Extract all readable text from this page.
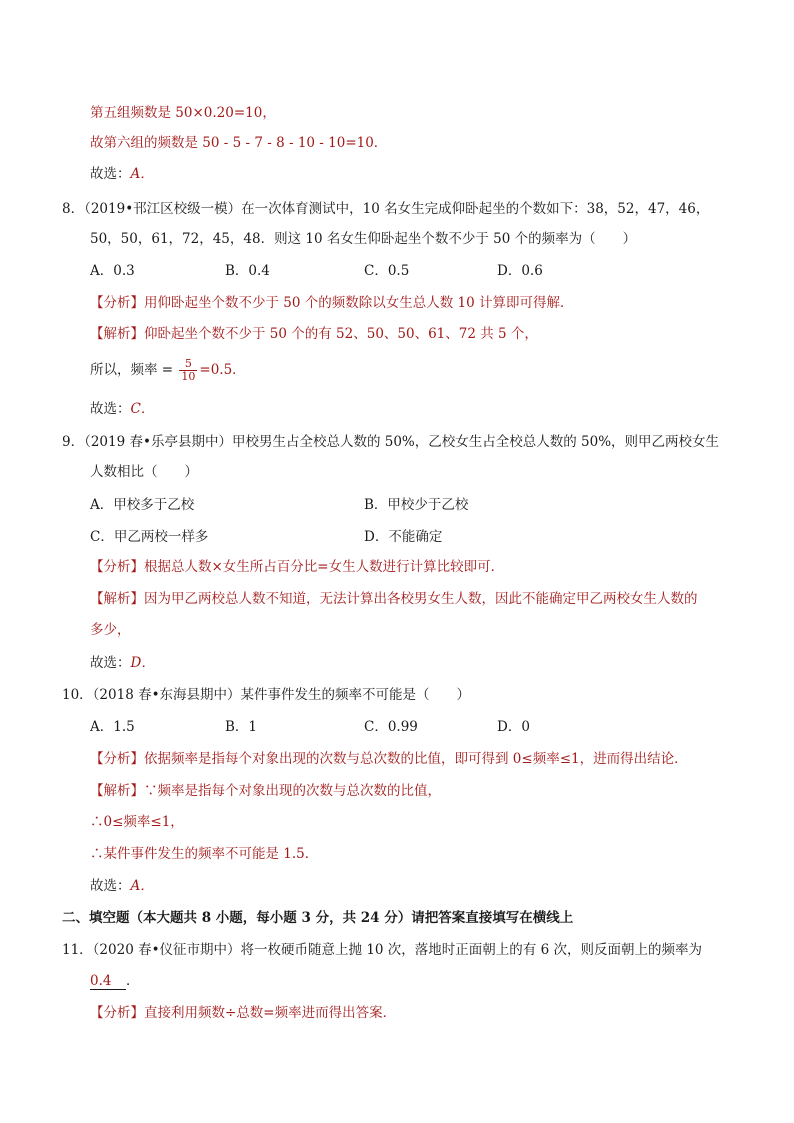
第五组频数是 50×0.20=10，
故第六组的频数是 50 - 5 - 7 - 8 - 10 - 10=10．
故选：A．
8．（2019•邗江区校级一模）在一次体育测试中，10 名女生完成仰卧起坐的个数如下：38，52，47，46，
50，50，61，72，45，48．则这 10 名女生仰卧起坐个数不少于 50 个的频率为（　　）
A．0.3	B．0.4	C．0.5	D．0.6
【分析】用仰卧起坐个数不少于 50 个的频数除以女生总人数 10 计算即可得解．
【解析】仰卧起坐个数不少于 50 个的有 52、50、50、61、72 共 5 个，
所以，频率 = $\frac{5}{10} =0.5$．
故选：C．
9．（2019 春•乐亭县期中）甲校男生占全校总人数的 50%，乙校女生占全校总人数的 50%，则甲乙两校女生
人数相比（　　）
A．甲校多于乙校	B．甲校少于乙校
C．甲乙两校一样多	D．不能确定
【分析】根据总人数×女生所占百分比=女生人数进行计算比较即可．
【解析】因为甲乙两校总人数不知道，无法计算出各校男女生人数，因此不能确定甲乙两校女生人数的
多少，
故选：D．
10．（2018 春•东海县期中）某件事件发生的频率不可能是（　　）
A．1.5	B．1	C．0.99	D．0
【分析】依据频率是指每个对象出现的次数与总次数的比值，即可得到 0≤频率≤1，进而得出结论．
【解析】∵频率是指每个对象出现的次数与总次数的比值，
∴0≤频率≤1，
∴某件事件发生的频率不可能是 1.5．
故选：A．
二、填空题（本大题共 8 小题，每小题 3 分，共 24 分）请把答案直接填写在横线上
11．（2020 春•仪征市期中）将一枚硬币随意上抛 10 次，落地时正面朝上的有 6 次，则反面朝上的频率为
0.4 ．
【分析】直接利用频数÷总数=频率进而得出答案．
